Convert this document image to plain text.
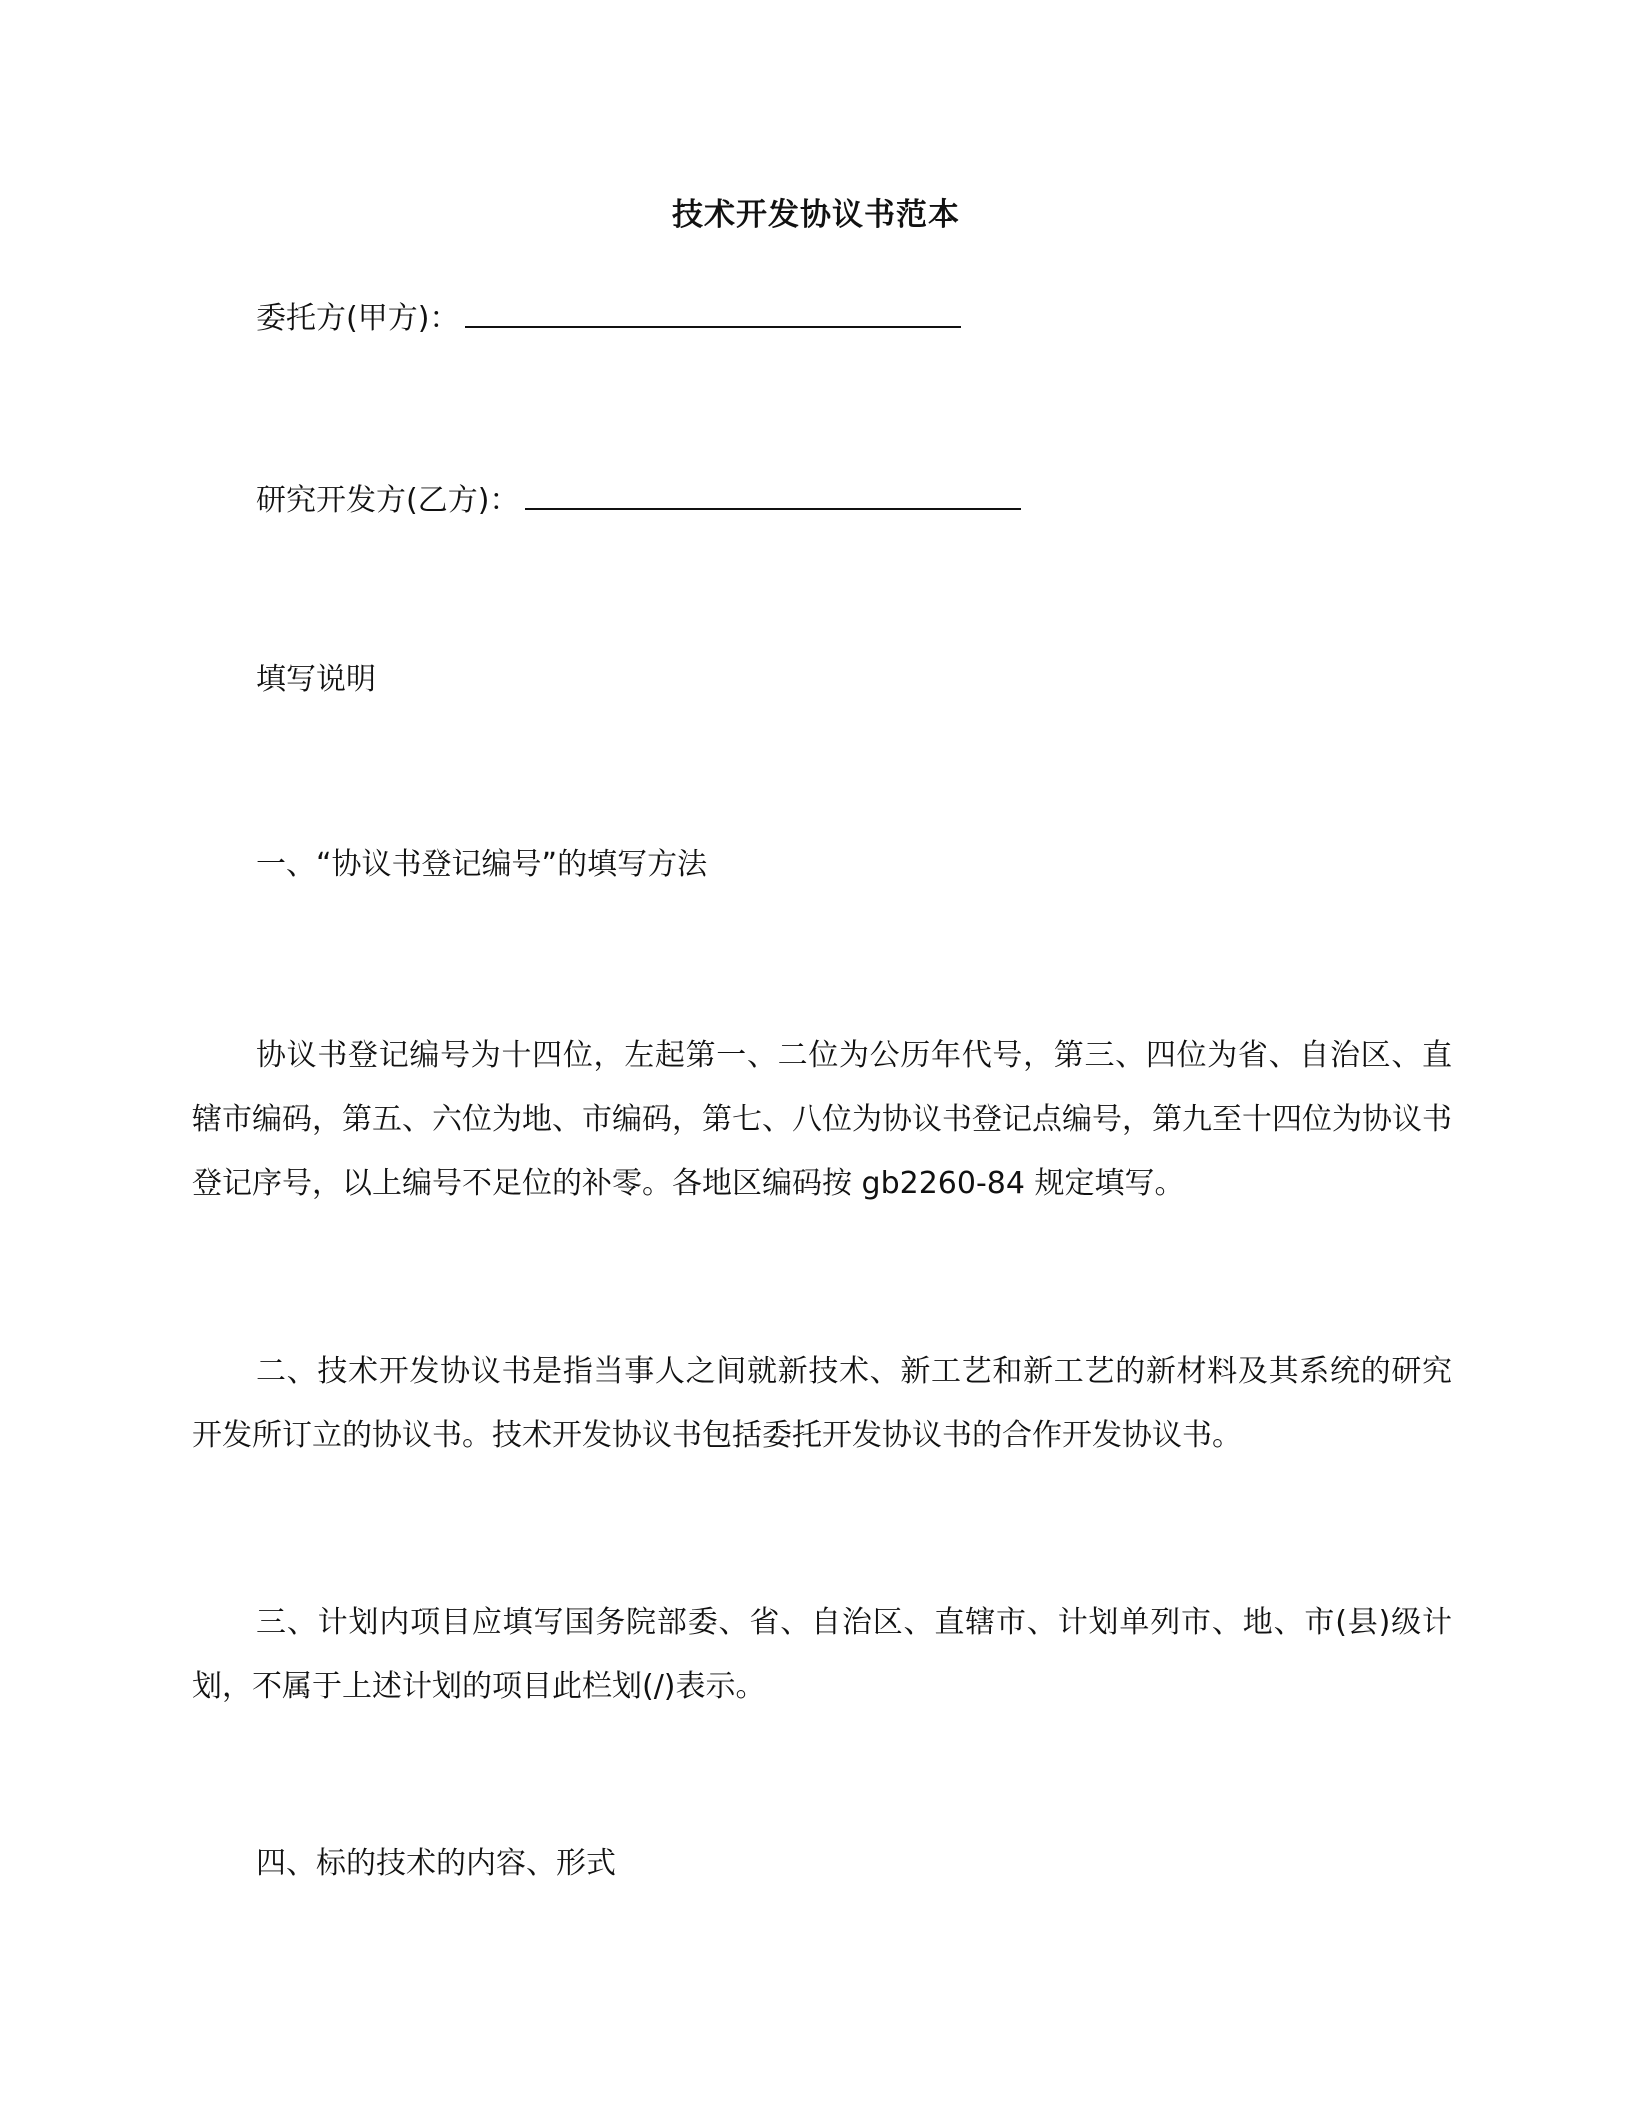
技术开发协议书范本

委托方(甲方)：

研究开发方(乙方)：

填写说明

一、“协议书登记编号”的填写方法

协议书登记编号为十四位，左起第一、二位为公历年代号，第三、四位为省、自治区、直辖市编码，第五、六位为地、市编码，第七、八位为协议书登记点编号，第九至十四位为协议书登记序号，以上编号不足位的补零。各地区编码按 gb2260-84 规定填写。

二、技术开发协议书是指当事人之间就新技术、新工艺和新工艺的新材料及其系统的研究开发所订立的协议书。技术开发协议书包括委托开发协议书的合作开发协议书。

三、计划内项目应填写国务院部委、省、自治区、直辖市、计划单列市、地、市(县)级计划，不属于上述计划的项目此栏划(/)表示。

四、标的技术的内容、形式
